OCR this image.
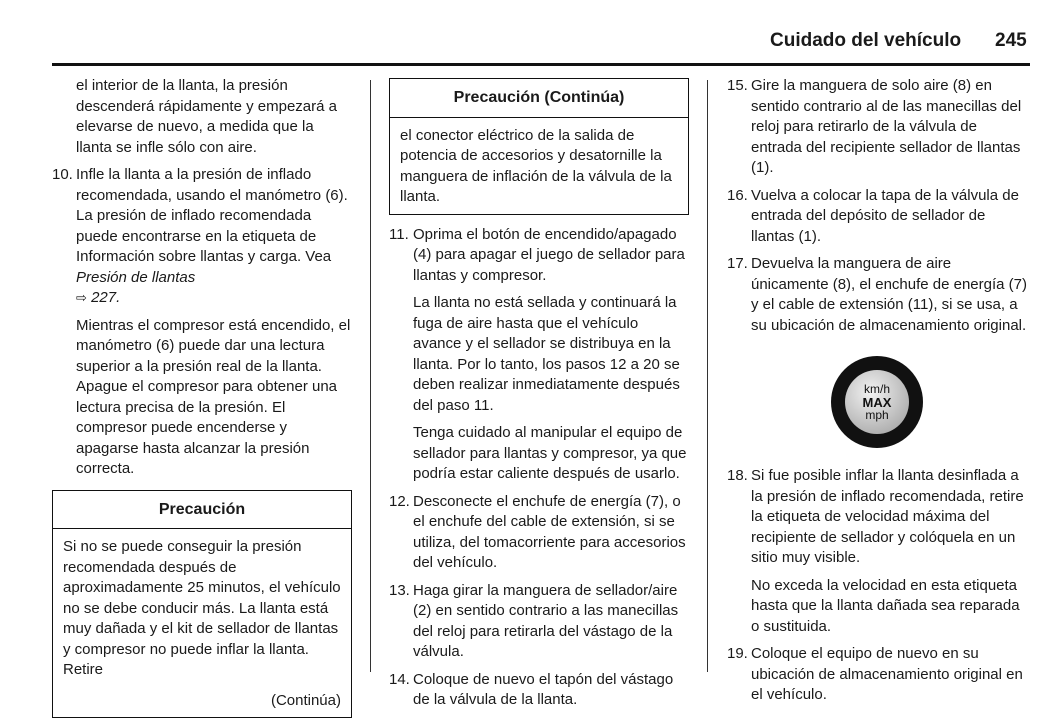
Cuidado del vehículo 245

el interior de la llanta, la presión descenderá rápidamente y empezará a elevarse de nuevo, a medida que la llanta se infle sólo con aire.

10. Infle la llanta a la presión de inflado recomendada, usando el manómetro (6). La presión de inflado recomendada puede encontrarse en la etiqueta de Información sobre llantas y carga. Vea Presión de llantas
⇨ 227.

Mientras el compresor está encendido, el manómetro (6) puede dar una lectura superior a la presión real de la llanta. Apague el compresor para obtener una lectura precisa de la presión. El compresor puede encenderse y apagarse hasta alcanzar la presión correcta.

Precaución
Si no se puede conseguir la presión recomendada después de aproximadamente 25 minutos, el vehículo no se debe conducir más. La llanta está muy dañada y el kit de sellador de llantas y compresor no puede inflar la llanta. Retire
(Continúa)
Precaución (Continúa)
el conector eléctrico de la salida de potencia de accesorios y desatornille la manguera de inflación de la válvula de la llanta.
11. Oprima el botón de encendido/apagado (4) para apagar el juego de sellador para llantas y compresor.

La llanta no está sellada y continuará la fuga de aire hasta que el vehículo avance y el sellador se distribuya en la llanta. Por lo tanto, los pasos 12 a 20 se deben realizar inmediatamente después del paso 11.

Tenga cuidado al manipular el equipo de sellador para llantas y compresor, ya que podría estar caliente después de usarlo.

12. Desconecte el enchufe de energía (7), o el enchufe del cable de extensión, si se utiliza, del tomacorriente para accesorios del vehículo.

13. Haga girar la manguera de sellador/aire (2) en sentido contrario a las manecillas del reloj para retirarla del vástago de la válvula.

14. Coloque de nuevo el tapón del vástago de la válvula de la llanta.

15. Gire la manguera de solo aire (8) en sentido contrario al de las manecillas del reloj para retirarlo de la válvula de entrada del recipiente sellador de llantas (1).

16. Vuelva a colocar la tapa de la válvula de entrada del depósito de sellador de llantas (1).

17. Devuelva la manguera de aire únicamente (8), el enchufe de energía (7) y el cable de extensión (11), si se usa, a su ubicación de almacenamiento original.

km/h
MAX
mph
18. Si fue posible inflar la llanta desinflada a la presión de inflado recomendada, retire la etiqueta de velocidad máxima del recipiente de sellador y colóquela en un sitio muy visible.

No exceda la velocidad en esta etiqueta hasta que la llanta dañada sea reparada o sustituida.

19. Coloque el equipo de nuevo en su ubicación de almacenamiento original en el vehículo.
